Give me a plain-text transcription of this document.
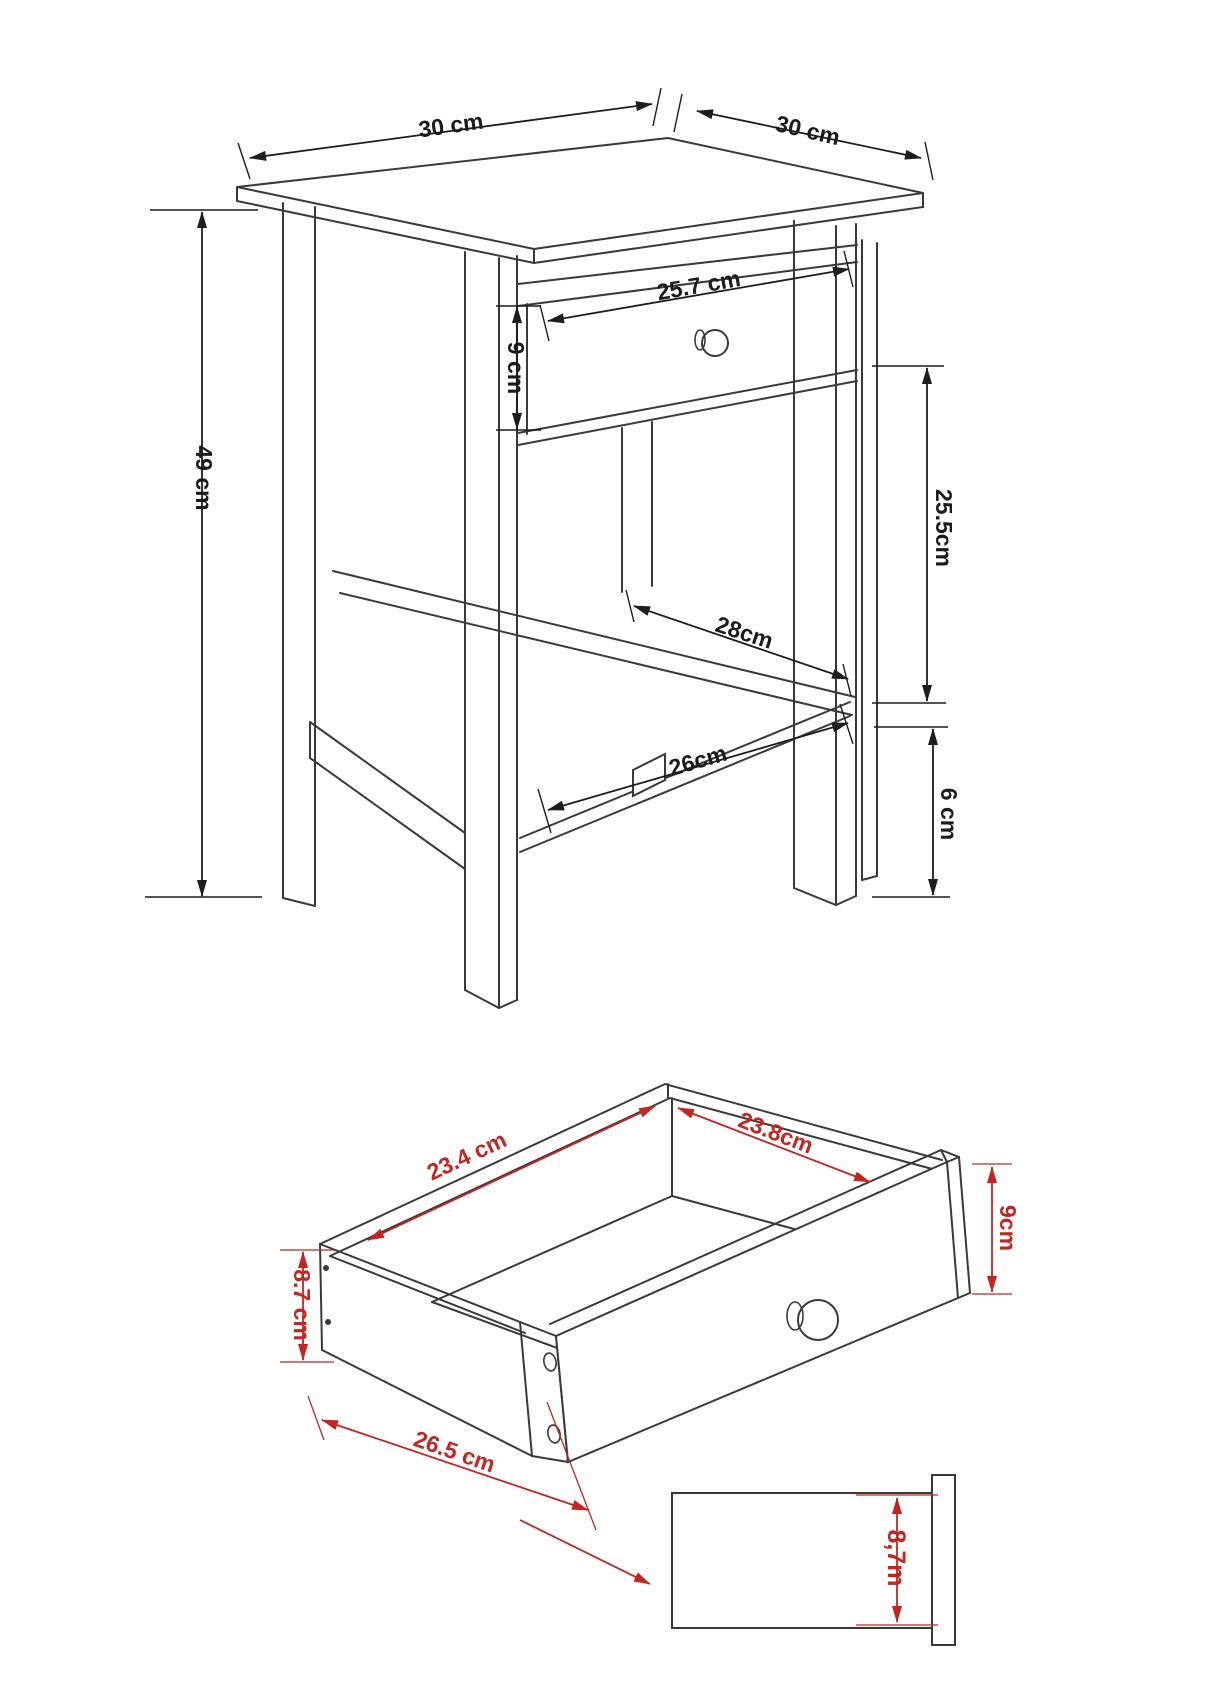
30 cm	30 cm
49 cm
25.7 cm
9 cm
25.5cm
28cm
26cm
6 cm
23.4 cm	23.8cm
8.7 cm
26.5 cm
9cm
8,7m
